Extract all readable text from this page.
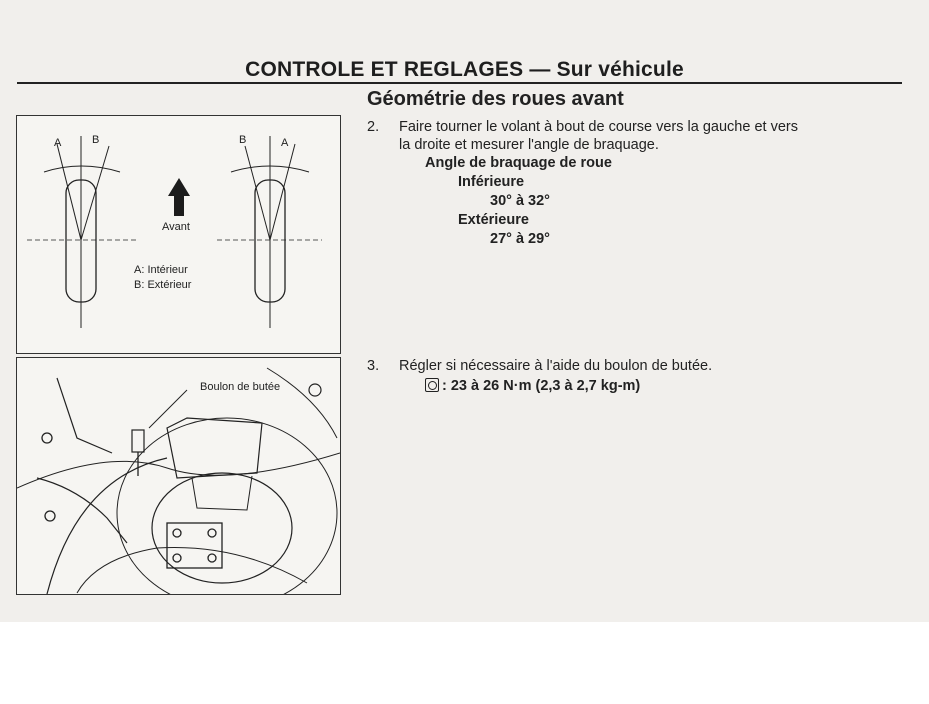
CONTROLE ET REGLAGES — Sur véhicule
Géométrie des roues avant
A	B	B	A
Avant
A: Intérieur
B: Extérieur
Boulon de butée
2. Faire tourner le volant à bout de course vers la gauche et vers
la droite et mesurer l'angle de braquage.
Angle de braquage de roue
Inférieure
30° à 32°
Extérieure
27° à 29°
3. Régler si nécessaire à l'aide du boulon de butée.
: 23 à 26 N·m (2,3 à 2,7 kg-m)
